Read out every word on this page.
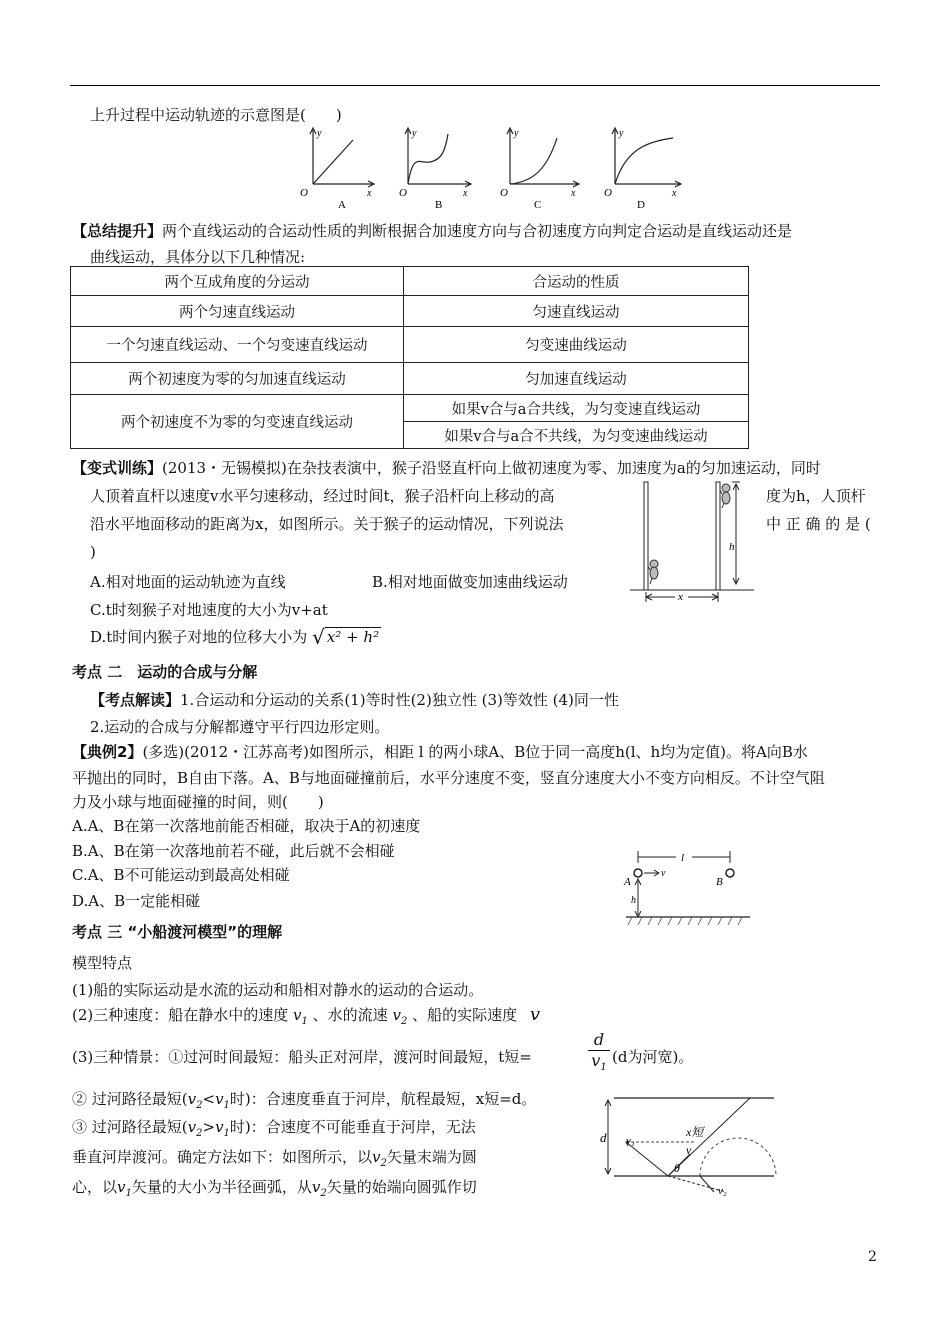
上升过程中运动轨迹的示意图是(　　)
y
x
O
A
y
x
O
B
y
x
O
C
y
x
O
D
【总结提升】两个直线运动的合运动性质的判断根据合加速度方向与合初速度方向判定合运动是直线运动还是
曲线运动，具体分以下几种情况:
两个互成角度的分运动	合运动的性质
两个匀速直线运动	匀速直线运动
一个匀速直线运动、一个匀变速直线运动	匀变速曲线运动
两个初速度为零的匀加速直线运动	匀加速直线运动
两个初速度不为零的匀变速直线运动	如果v合与a合共线，为匀变速直线运动
	如果v合与a合不共线，为匀变速曲线运动
【变式训练】(2013・无锡模拟)在杂技表演中，猴子沿竖直杆向上做初速度为零、加速度为a的匀加速运动，同时
人顶着直杆以速度v水平匀速移动，经过时间t，猴子沿杆向上移动的高	度为h，人顶杆
沿水平地面移动的距离为x，如图所示。关于猴子的运动情况，下列说法	中 正 确 的 是 (
)
A.相对地面的运动轨迹为直线	B.相对地面做变加速曲线运动
C.t时刻猴子对地速度的大小为v+at
D.t时间内猴子对地的位移大小为 √ x² + h²
h
x
考点 二　运动的合成与分解
【考点解读】1.合运动和分运动的关系(1)等时性(2)独立性 (3)等效性 (4)同一性
2.运动的合成与分解都遵守平行四边形定则。
【典例2】(多选)(2012・江苏高考)如图所示，相距 l 的两小球A、B位于同一高度h(l、h均为定值)。将A向B水
平抛出的同时，B自由下落。A、B与地面碰撞前后，水平分速度不变，竖直分速度大小不变方向相反。不计空气阻
力及小球与地面碰撞的时间，则(　　)
A.A、B在第一次落地前能否相碰，取决于A的初速度
B.A、B在第一次落地前若不碰，此后就不会相碰
C.A、B不可能运动到最高处相碰
D.A、B一定能相碰
l
A	B
v
h
考点 三 “小船渡河模型”的理解
模型特点
(1)船的实际运动是水流的运动和船相对静水的运动的合运动。
(2)三种速度：船在静水中的速度 $v_1$ 、水的流速 $v_2$ 、船的实际速度 v
(3)三种情景：①过河时间最短：船头正对河岸，渡河时间最短，t短=	$\frac{d}{v_1} (d$为河宽)。
② 过河路径最短($v_2<v_1$时)：合速度垂直于河岸，航程最短，x短=d。
③ 过河路径最短($v_2>v_1$时)：合速度不可能垂直于河岸，无法
垂直河岸渡河。确定方法如下：如图所示，以$v_2$矢量末端为圆
心，以$v_1$矢量的大小为半径画弧，从$v_2$矢量的始端向圆弧作切
d	x短
v₁
v
θ
v₂
2
